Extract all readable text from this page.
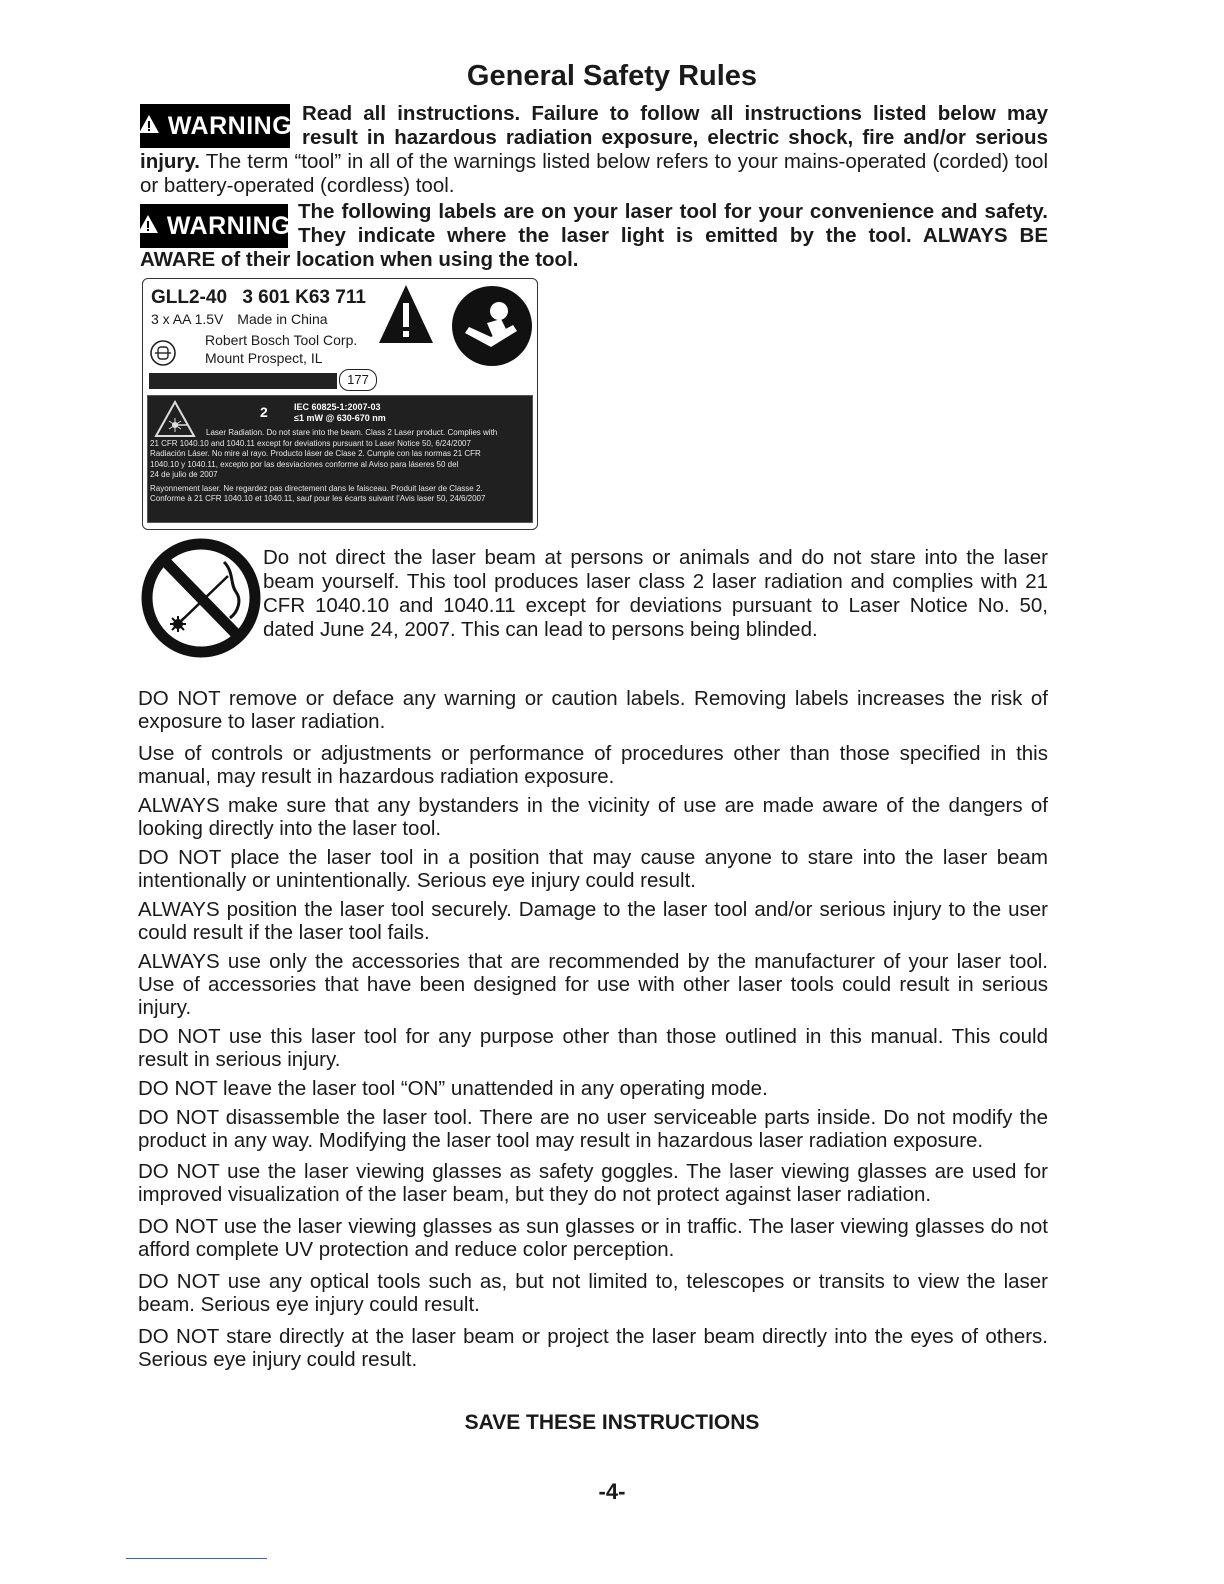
General Safety Rules
WARNING Read all instructions. Failure to follow all instructions listed below may result in hazardous radiation exposure, electric shock, fire and/or serious injury. The term “tool” in all of the warnings listed below refers to your mains-operated (corded) tool or battery-operated (cordless) tool.
WARNING
The following labels are on your laser tool for your convenience and safety. They indicate where the laser light is emitted by the tool. ALWAYS BE AWARE of their location when using the tool.
GLL2-40 3 601 K63 711
3 x AA 1.5V Made in China
Robert Bosch Tool Corp.
Mount Prospect, IL
177
2	IEC 60825-1:2007-03
≤1 mW @ 630-670 nm
Laser Radiation. Do not stare into the beam. Class 2 Laser product. Complies with
21 CFR 1040.10 and 1040.11 except for deviations pursuant to Laser Notice 50, 6/24/2007
Radiación Láser. No mire al rayo. Producto láser de Clase 2. Cumple con las normas 21 CFR
1040.10 y 1040.11, excepto por las desviaciones conforme al Aviso para láseres 50 del
24 de julio de 2007
Rayonnement laser. Ne regardez pas directement dans le faisceau. Produit laser de Classe 2.
Conforme à 21 CFR 1040.10 et 1040.11, sauf pour les écarts suivant l’Avis laser 50, 24/6/2007
Do not direct the laser beam at persons or animals and do not stare into the laser beam yourself. This tool produces laser class 2 laser radiation and complies with 21 CFR 1040.10 and 1040.11 except for deviations pursuant to Laser Notice No. 50, dated June 24, 2007. This can lead to persons being blinded.

DO NOT remove or deface any warning or caution labels. Removing labels increases the risk of exposure to laser radiation.

Use of controls or adjustments or performance of procedures other than those specified in this manual, may result in hazardous radiation exposure.

ALWAYS make sure that any bystanders in the vicinity of use are made aware of the dangers of looking directly into the laser tool.

DO NOT place the laser tool in a position that may cause anyone to stare into the laser beam intentionally or unintentionally. Serious eye injury could result.

ALWAYS position the laser tool securely. Damage to the laser tool and/or serious injury to the user could result if the laser tool fails.

ALWAYS use only the accessories that are recommended by the manufacturer of your laser tool. Use of accessories that have been designed for use with other laser tools could result in serious injury.

DO NOT use this laser tool for any purpose other than those outlined in this manual. This could result in serious injury.

DO NOT leave the laser tool “ON” unattended in any operating mode.

DO NOT disassemble the laser tool. There are no user serviceable parts inside. Do not modify the product in any way. Modifying the laser tool may result in hazardous laser radiation exposure.

DO NOT use the laser viewing glasses as safety goggles. The laser viewing glasses are used for improved visualization of the laser beam, but they do not protect against laser radiation.

DO NOT use the laser viewing glasses as sun glasses or in traffic. The laser viewing glasses do not afford complete UV protection and reduce color perception.

DO NOT use any optical tools such as, but not limited to, telescopes or transits to view the laser beam. Serious eye injury could result.

DO NOT stare directly at the laser beam or project the laser beam directly into the eyes of others. Serious eye injury could result.

SAVE THESE INSTRUCTIONS
-4-
